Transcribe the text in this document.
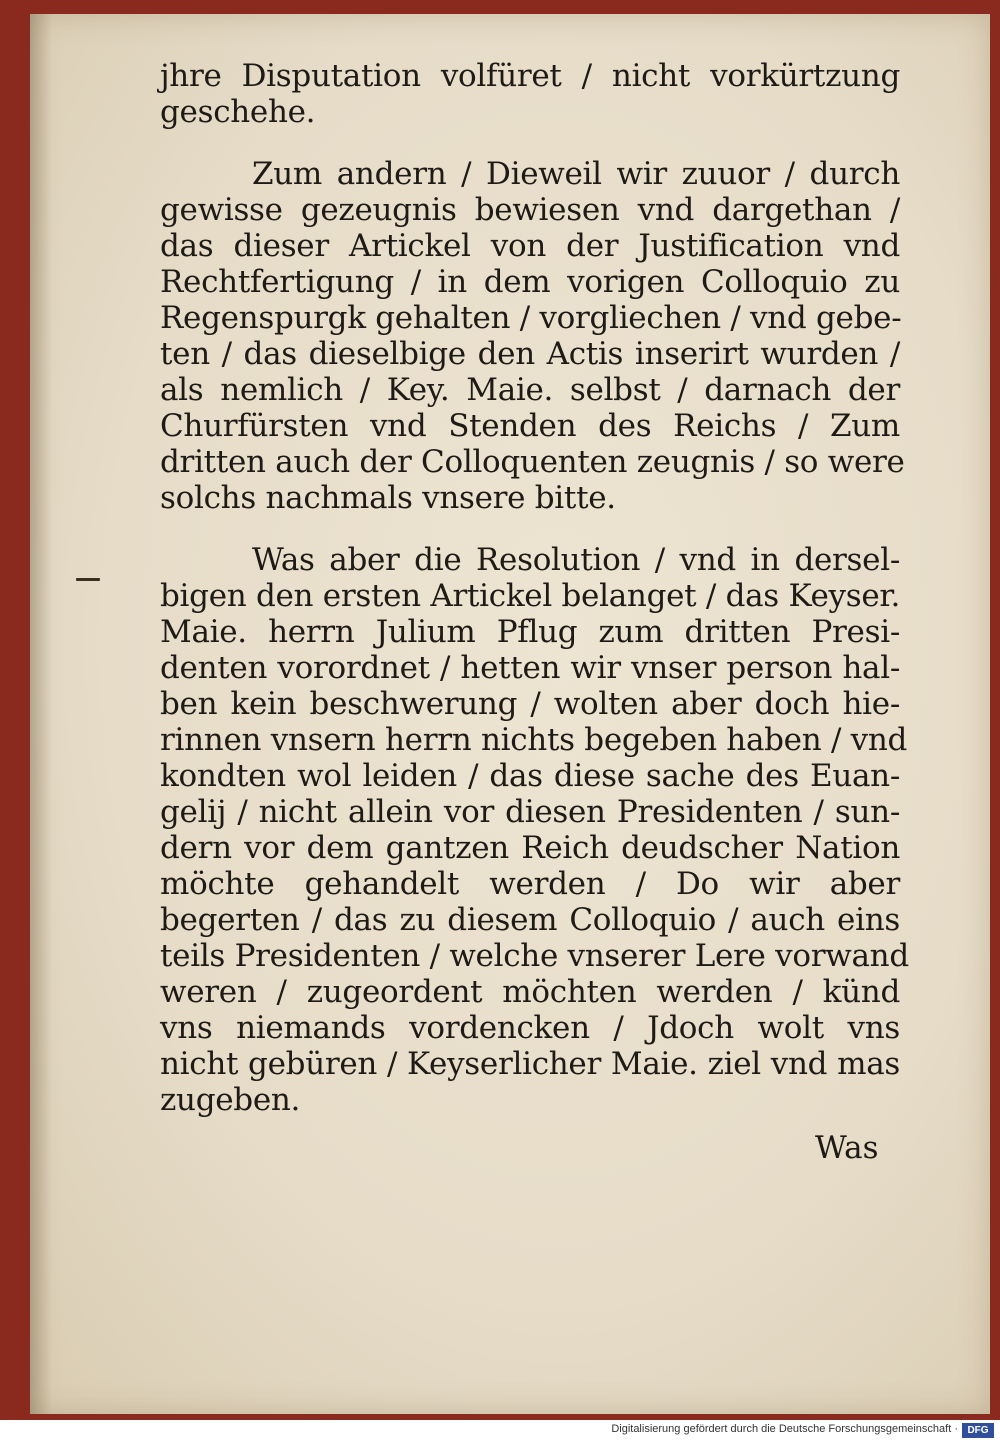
jhre Disputation volfüret / nicht vorkürtzung
geschehe.
Zum andern / Dieweil wir zuuor / durch
gewisse gezeugnis bewiesen vnd dargethan /
das dieser Artickel von der Justification vnd
Rechtfertigung / in dem vorigen Colloquio zu
Regenspurgk gehalten / vorgliechen / vnd gebe-
ten / das dieselbige den Actis inserirt wurden /
als nemlich / Key. Maie. selbst / darnach der
Churfürsten vnd Stenden des Reichs / Zum
dritten auch der Colloquenten zeugnis / so were
solchs nachmals vnsere bitte.
Was aber die Resolution / vnd in dersel-
bigen den ersten Artickel belanget / das Keyser.
Maie. herrn Julium Pflug zum dritten Presi-
denten vorordnet / hetten wir vnser person hal-
ben kein beschwerung / wolten aber doch hie-
rinnen vnsern herrn nichts begeben haben / vnd
kondten wol leiden / das diese sache des Euan-
gelij / nicht allein vor diesen Presidenten / sun-
dern vor dem gantzen Reich deudscher Nation
möchte gehandelt werden / Do wir aber
begerten / das zu diesem Colloquio / auch eins
teils Presidenten / welche vnserer Lere vorwand
weren / zugeordent möchten werden / künd
vns niemands vordencken / Jdoch wolt vns
nicht gebüren / Keyserlicher Maie. ziel vnd mas
zugeben.
Was
Digitalisierung gefördert durch die Deutsche Forschungsgemeinschaft · DFG
